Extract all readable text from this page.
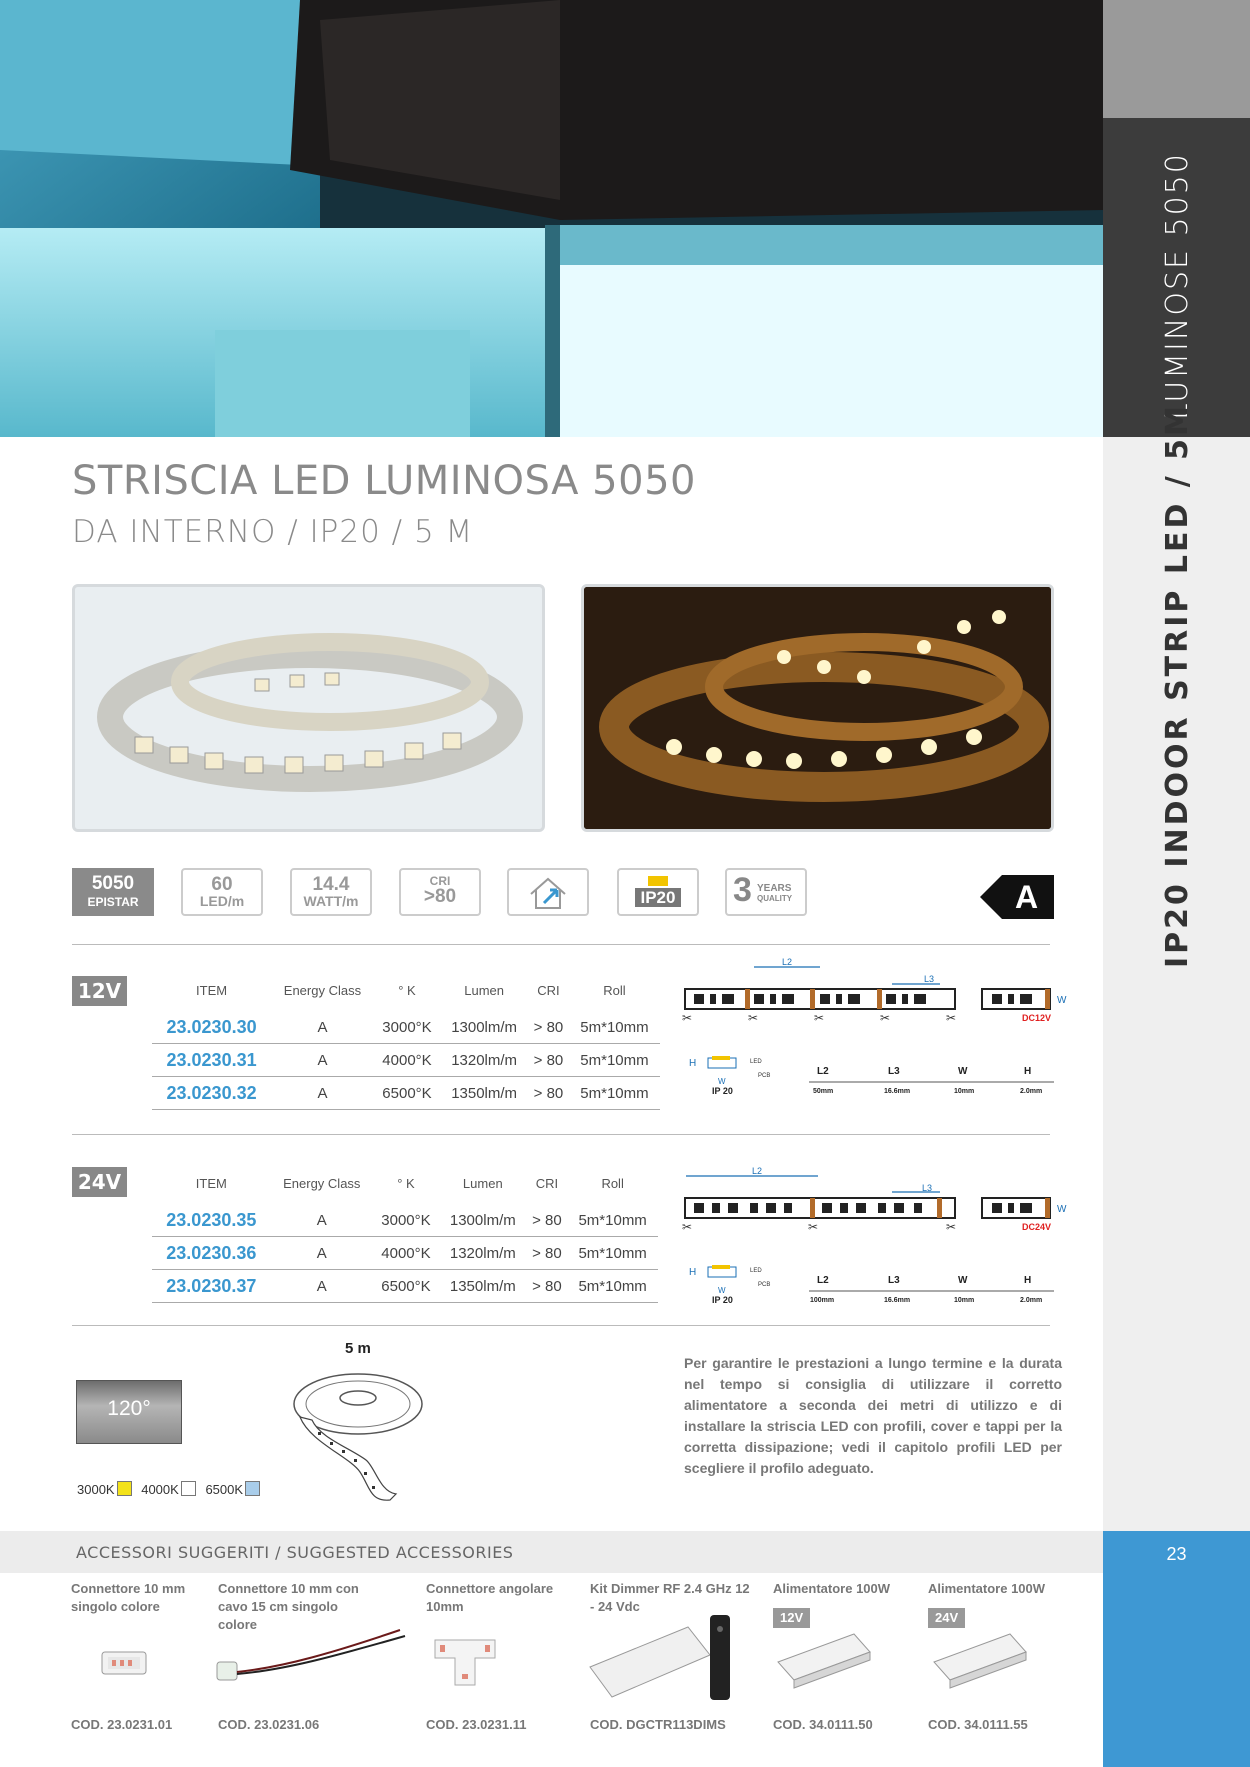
LUMINOSE 5050
IP20 INDOOR STRIP LED / 5M
23
STRISCIA LED LUMINOSA 5050
DA INTERNO / IP20 / 5 M
5050
EPISTAR
60
LED/m
14.4
WATT/m
CRI
>80	IP20	3 YEARS
QUALITY	A
12V	ITEM	Energy Class	° K	Lumen	CRI	Roll
23.0230.30	A	3000°K	1300lm/m	> 80	5m*10mm
23.0230.31	A	4000°K	1320lm/m	> 80	5m*10mm
23.0230.32	A	6500°K	1350lm/m	> 80	5m*10mm
L2
L3
W
DC12V
✂	✂	✂	✂	✂
H	LED
PCB
W
IP 20
L2	L3	W	H
50mm	16.6mm	10mm	2.0mm
24V	ITEM	Energy Class	° K	Lumen	CRI	Roll
23.0230.35	A	3000°K	1300lm/m	> 80	5m*10mm
23.0230.36	A	4000°K	1320lm/m	> 80	5m*10mm
23.0230.37	A	6500°K	1350lm/m	> 80	5m*10mm
L2
L3
W
DC24V
✂	✂	✂
H	LED
PCB
W
IP 20
L2	L3	W	H
100mm	16.6mm	10mm	2.0mm
120°
3000K 4000K 6500K
5 m
Per garantire le prestazioni a lungo termine e la durata nel tempo si consiglia di utilizzare il corretto alimentatore a seconda dei metri di utilizzo e di installare la striscia LED con profili, cover e tappi per la corretta dissipazione; vedi il capitolo profili LED per scegliere il profilo adeguato.
ACCESSORI SUGGERITI / SUGGESTED ACCESSORIES
Connettore 10 mm singolo colore
Connettore 10 mm con cavo 15 cm singolo colore
Connettore angolare 10mm
Kit Dimmer RF 2.4 GHz 12 - 24 Vdc
Alimentatore 100W
12V
Alimentatore 100W
24V
COD. 23.0231.01	COD. 23.0231.06	COD. 23.0231.11	COD. DGCTR113DIMS	COD. 34.0111.50	COD. 34.0111.55
